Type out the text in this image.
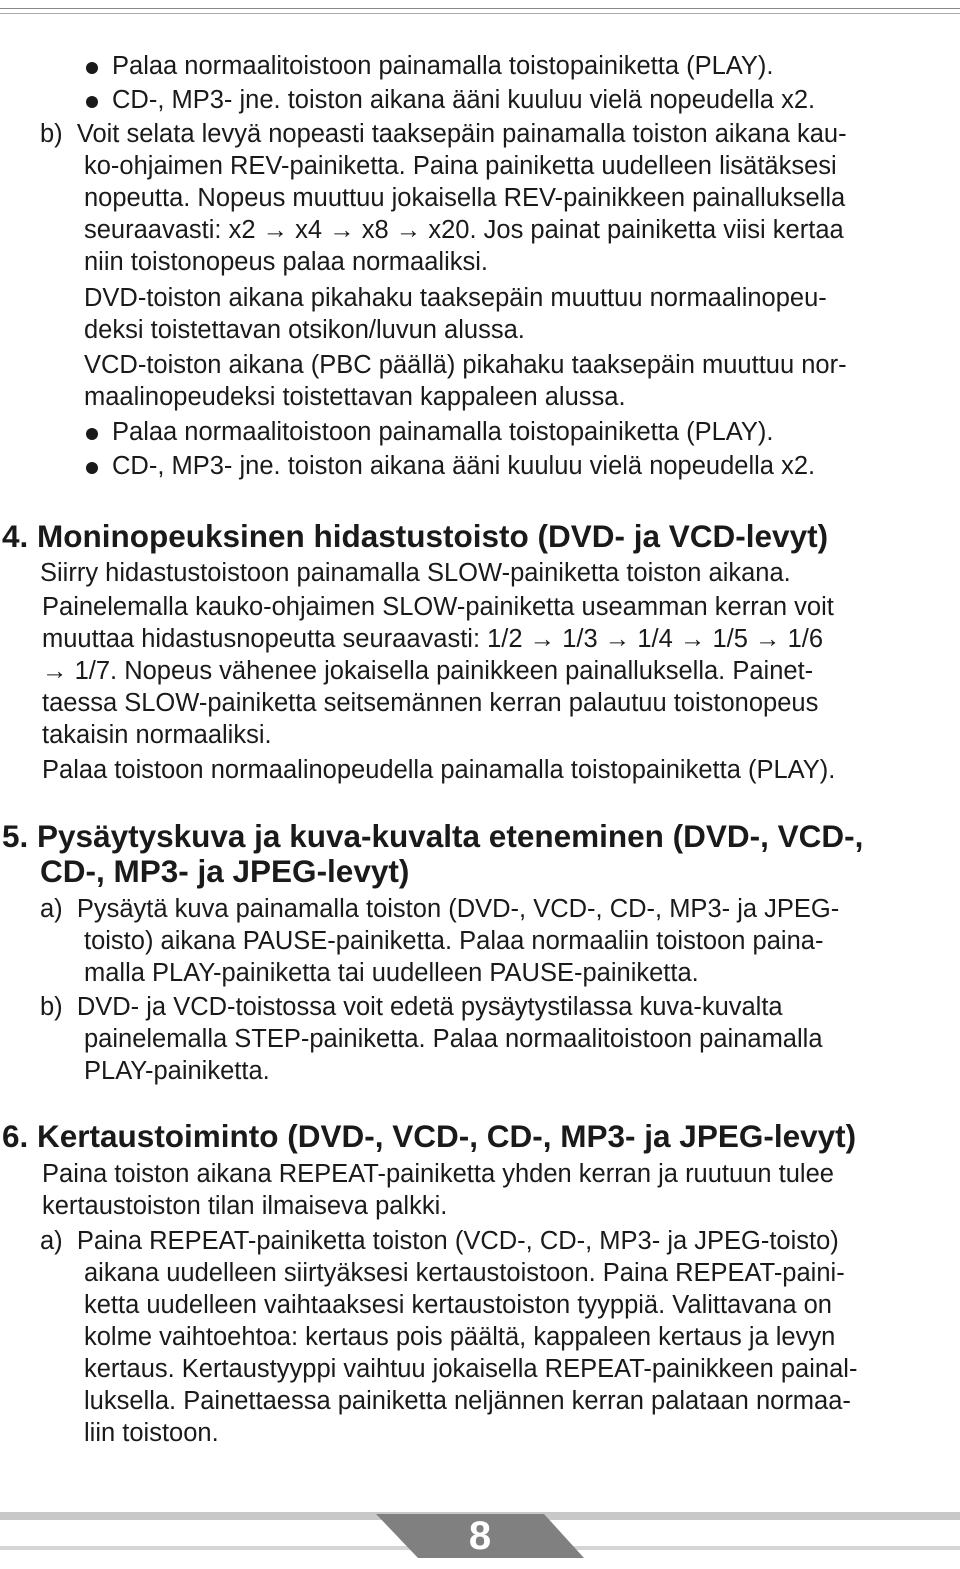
Palaa normaalitoistoon painamalla toistopainiketta (PLAY).
CD-, MP3- jne. toiston aikana ääni kuuluu vielä nopeudella x2.
b)  Voit selata levyä nopeasti taaksepäin painamalla toiston aikana kau-
ko-ohjaimen REV-painiketta. Paina painiketta uudelleen lisätäksesi
nopeutta. Nopeus muuttuu jokaisella REV-painikkeen painalluksella
seuraavasti: x2 → x4 → x8 → x20. Jos painat painiketta viisi kertaa
niin toistonopeus palaa normaaliksi.
DVD-toiston aikana pikahaku taaksepäin muuttuu normaalinopeu-
deksi toistettavan otsikon/luvun alussa.
VCD-toiston aikana (PBC päällä) pikahaku taaksepäin muuttuu nor-
maalinopeudeksi toistettavan kappaleen alussa.
Palaa normaalitoistoon painamalla toistopainiketta (PLAY).
CD-, MP3- jne. toiston aikana ääni kuuluu vielä nopeudella x2.
4. Moninopeuksinen hidastustoisto (DVD- ja VCD-levyt)
Siirry hidastustoistoon painamalla SLOW-painiketta toiston aikana.
Painelemalla kauko-ohjaimen SLOW-painiketta useamman kerran voit
muuttaa hidastusnopeutta seuraavasti: 1/2 → 1/3 → 1/4 → 1/5 → 1/6
→ 1/7. Nopeus vähenee jokaisella painikkeen painalluksella. Painet-
taessa SLOW-painiketta seitsemännen kerran palautuu toistonopeus
takaisin normaaliksi.
Palaa toistoon normaalinopeudella painamalla toistopainiketta (PLAY).
5. Pysäytyskuva ja kuva-kuvalta eteneminen (DVD-, VCD-,
CD-, MP3- ja JPEG-levyt)
a)  Pysäytä kuva painamalla toiston (DVD-, VCD-, CD-, MP3- ja JPEG-
toisto) aikana PAUSE-painiketta. Palaa normaaliin toistoon paina-
malla PLAY-painiketta tai uudelleen PAUSE-painiketta.
b)  DVD- ja VCD-toistossa voit edetä pysäytystilassa kuva-kuvalta
painelemalla STEP-painiketta. Palaa normaalitoistoon painamalla
PLAY-painiketta.
6. Kertaustoiminto (DVD-, VCD-, CD-, MP3- ja JPEG-levyt)
Paina toiston aikana REPEAT-painiketta yhden kerran ja ruutuun tulee
kertaustoiston tilan ilmaiseva palkki.
a)  Paina REPEAT-painiketta toiston (VCD-, CD-, MP3- ja JPEG-toisto)
aikana uudelleen siirtyäksesi kertaustoistoon. Paina REPEAT-paini-
ketta uudelleen vaihtaaksesi kertaustoiston tyyppiä. Valittavana on
kolme vaihtoehtoa: kertaus pois päältä, kappaleen kertaus ja levyn
kertaus. Kertaustyyppi vaihtuu jokaisella REPEAT-painikkeen painal-
luksella. Painettaessa painiketta neljännen kerran palataan normaa-
liin toistoon.
8
